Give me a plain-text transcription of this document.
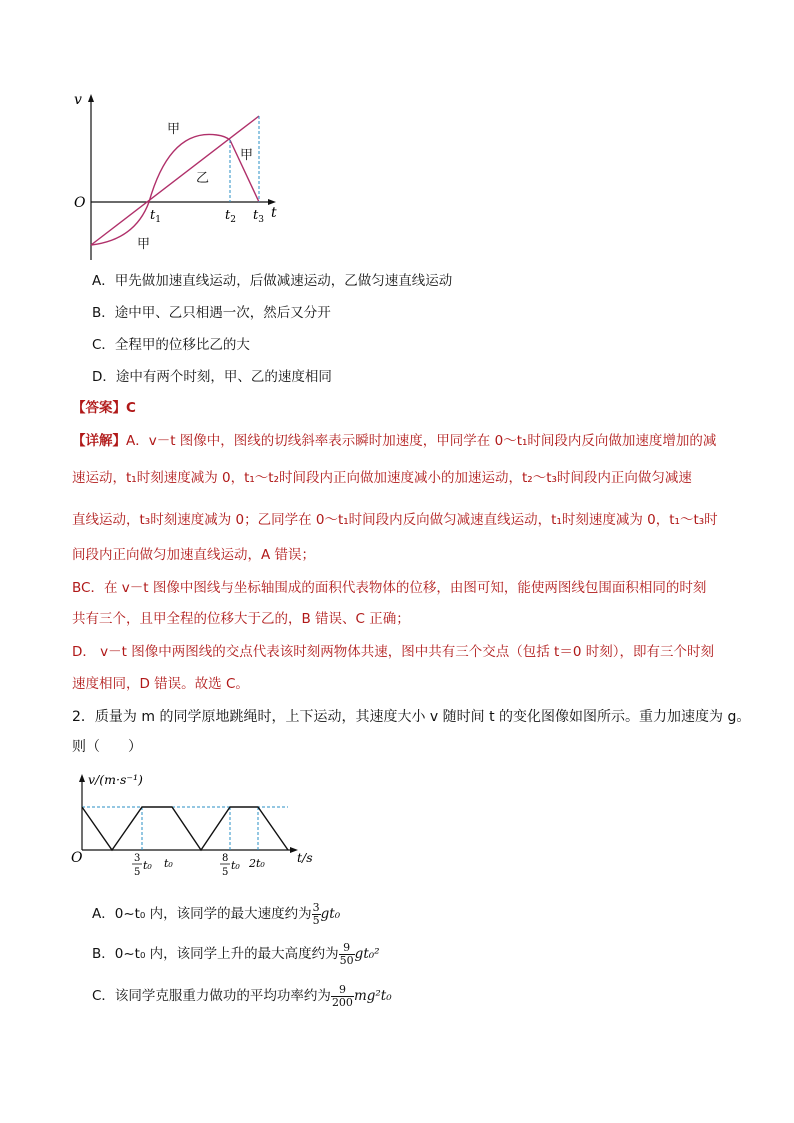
v
O
t
$t_1$	$t_2$ $t_3$
甲
甲
乙
甲
A．甲先做加速直线运动，后做减速运动，乙做匀速直线运动
B．途中甲、乙只相遇一次，然后又分开
C．全程甲的位移比乙的大
D．途中有两个时刻，甲、乙的速度相同
【答案】C
【详解】A．v－t 图像中，图线的切线斜率表示瞬时加速度，甲同学在 0～t₁时间段内反向做加速度增加的减
速运动，t₁时刻速度减为 0，t₁～t₂时间段内正向做加速度减小的加速运动，t₂～t₃时间段内正向做匀减速
直线运动，t₃时刻速度减为 0；乙同学在 0～t₁时间段内反向做匀减速直线运动，t₁时刻速度减为 0，t₁～t₃时
间段内正向做匀加速直线运动，A 错误；
BC．在 v－t 图像中图线与坐标轴围成的面积代表物体的位移，由图可知，能使两图线包围面积相同的时刻
共有三个，且甲全程的位移大于乙的，B 错误、C 正确；
D． v－t 图像中两图线的交点代表该时刻两物体共速，图中共有三个交点（包括 t＝0 时刻），即有三个时刻
速度相同，D 错误。故选 C。
2．质量为 m 的同学原地跳绳时，上下运动，其速度大小 v 随时间 t 的变化图像如图所示。重力加速度为 g。
则（　　）
v/(m·s⁻¹)
O	t/s
3
5
t₀ t₀	8
5
t₀ 2t₀
A．0~t₀ 内，该同学的最大速度约为 $\frac{3}{5} gt_0$
B．0~t₀ 内，该同学上升的最大高度约为 $\frac{9}{50} gt_0^2$
C．该同学克服重力做功的平均功率约为 $\frac{9}{200} mg^2t_0$
